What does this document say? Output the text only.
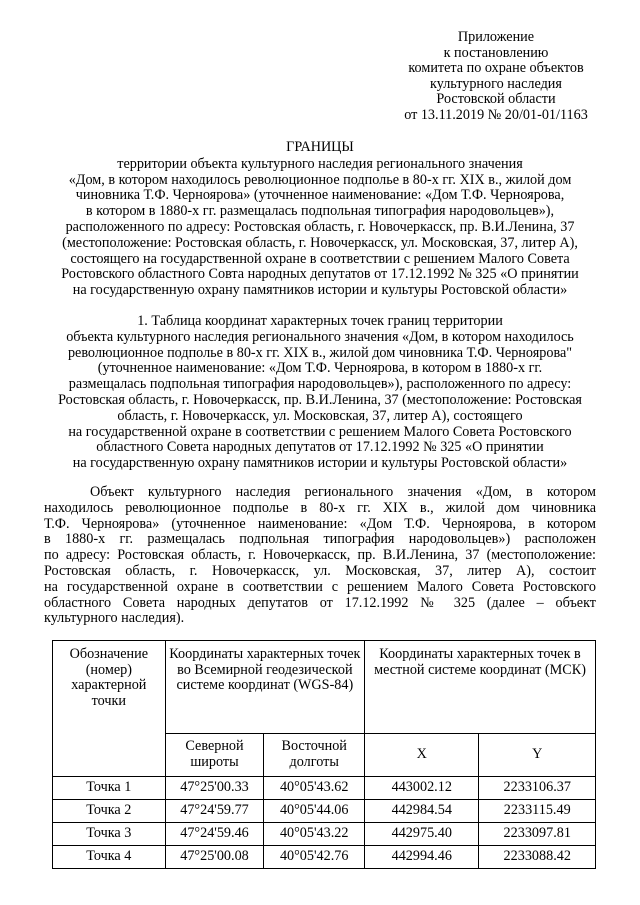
Приложение
к постановлению
комитета по охране объектов
культурного наследия
Ростовской области
от 13.11.2019 № 20/01-01/1163
ГРАНИЦЫ
территории объекта культурного наследия регионального значения
«Дом, в котором находилось революционное подполье в 80-х гг. XIX в., жилой дом
чиновника Т.Ф. Черноярова» (уточненное наименование: «Дом Т.Ф. Черноярова,
в котором в 1880-х гг. размещалась подпольная типография народовольцев»),
расположенного по адресу: Ростовская область, г. Новочеркасск, пр. В.И.Ленина, 37
(местоположение: Ростовская область, г. Новочеркасск, ул. Московская, 37, литер А),
состоящего на государственной охране в соответствии с решением Малого Совета
Ростовского областного Совта народных депутатов от 17.12.1992 № 325 «О принятии
на государственную охрану памятников истории и культуры Ростовской области»
1. Таблица координат характерных точек границ территории
объекта культурного наследия регионального значения «Дом, в котором находилось
революционное подполье в 80-х гг. XIX в., жилой дом чиновника Т.Ф. Черноярова"
(уточненное наименование: «Дом Т.Ф. Черноярова, в котором в 1880-х гг.
размещалась подпольная типография народовольцев»), расположенного по адресу:
Ростовская область, г. Новочеркасск, пр. В.И.Ленина, 37 (местоположение: Ростовская
область, г. Новочеркасск, ул. Московская, 37, литер А), состоящего
на государственной охране в соответствии с решением Малого Совета Ростовского
областного Совета народных депутатов от 17.12.1992 № 325 «О принятии
на государственную охрану памятников истории и культуры Ростовской области»
Объект культурного наследия регионального значения «Дом, в котором
находилось революционное подполье в 80-х гг. XIX в., жилой дом чиновника
Т.Ф. Черноярова» (уточненное наименование: «Дом Т.Ф. Черноярова, в котором
в 1880-х гг. размещалась подпольная типография народовольцев») расположен
по адресу: Ростовская область, г. Новочеркасск, пр. В.И.Ленина, 37 (местоположение:
Ростовская область, г. Новочеркасск, ул. Московская, 37, литер А), состоит
на государственной охране в соответствии с решением Малого Совета Ростовского
областного Совета народных депутатов от 17.12.1992 № 325 (далее – объект
культурного наследия).
Обозначение (номер) характерной точки	Координаты характерных точек во Всемирной геодезической системе координат (WGS-84)		Координаты характерных точек в местной системе координат (МСК)	
	Северной широты	Восточной долготы	X	Y
Точка 1	47°25'00.33	40°05'43.62	443002.12	2233106.37
Точка 2	47°24'59.77	40°05'44.06	442984.54	2233115.49
Точка 3	47°24'59.46	40°05'43.22	442975.40	2233097.81
Точка 4	47°25'00.08	40°05'42.76	442994.46	2233088.42
